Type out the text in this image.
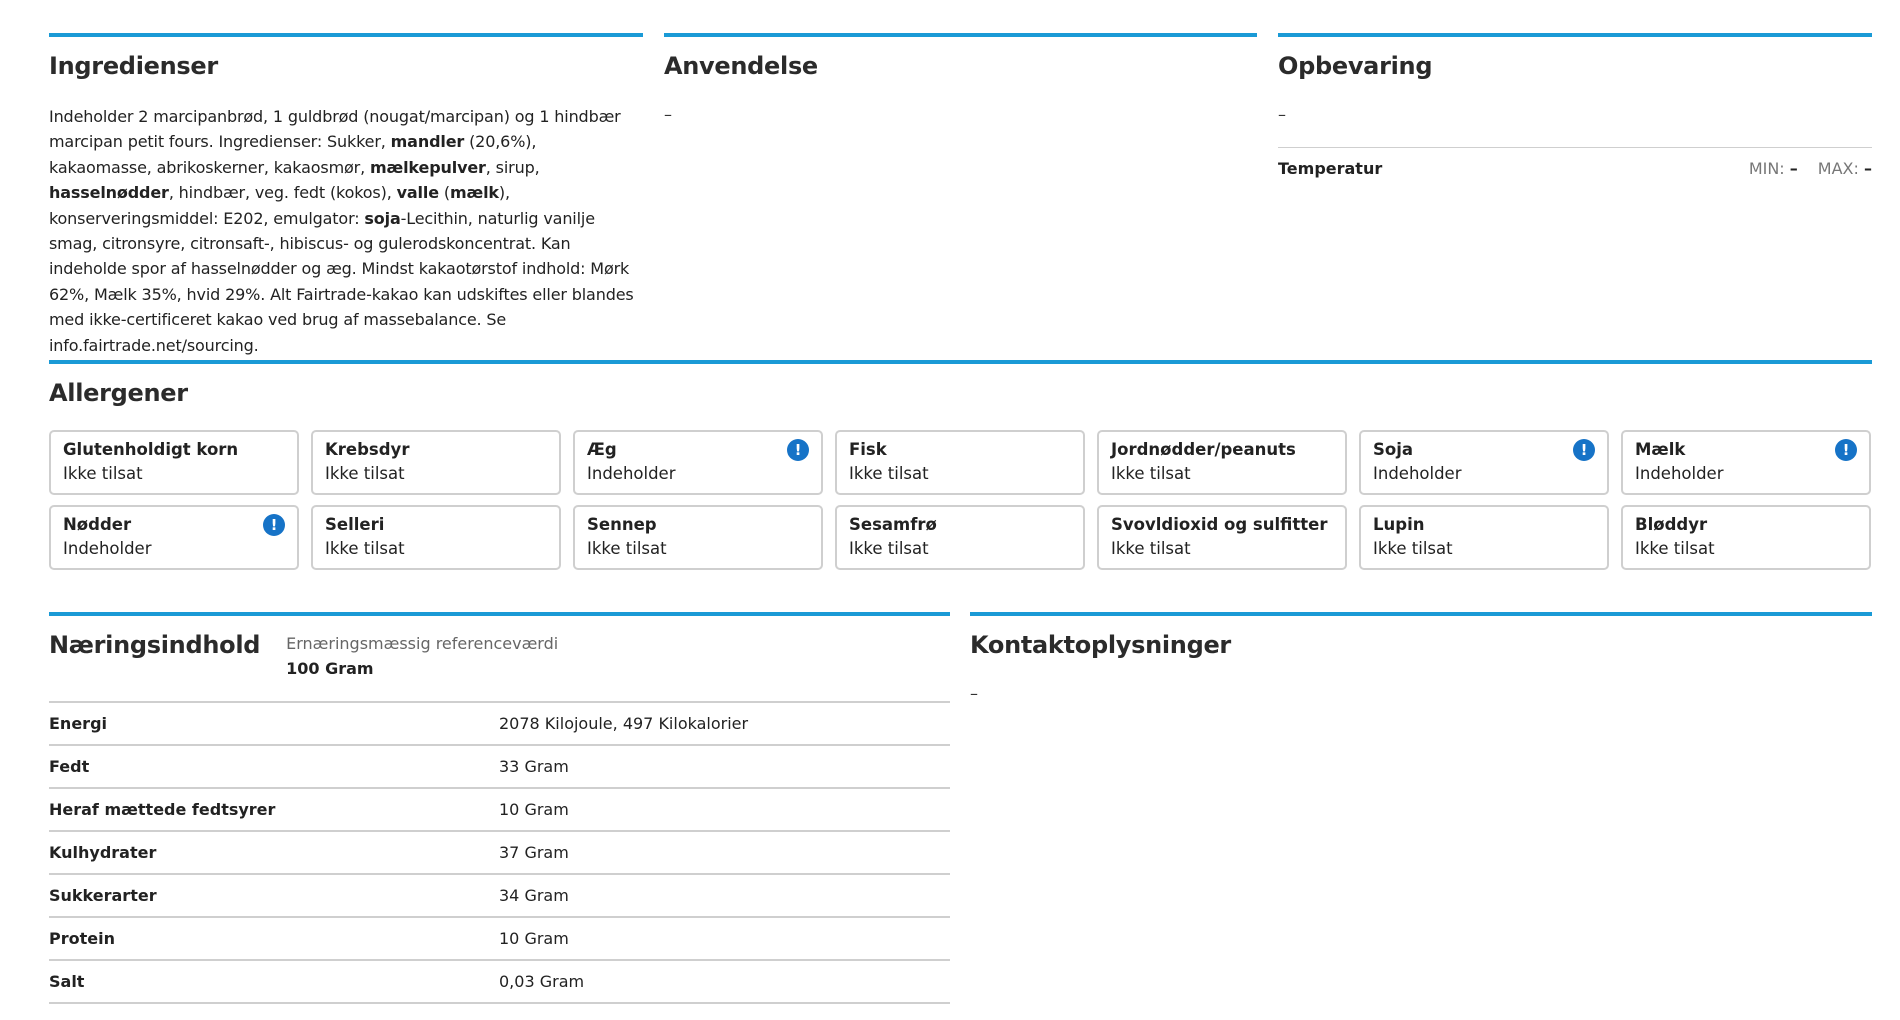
Ingredienser

Indeholder 2 marcipanbrød, 1 guldbrød (nougat/marcipan) og 1 hindbær marcipan petit fours. Ingredienser: Sukker, mandler (20,6%), kakaomasse, abrikoskerner, kakaosmør, mælkepulver, sirup, hasselnødder, hindbær, veg. fedt (kokos), valle (mælk), konserveringsmiddel: E202, emulgator: soja-Lecithin, naturlig vanilje smag, citronsyre, citronsaft-, hibiscus- og gulerodskoncentrat. Kan indeholde spor af hasselnødder og æg. Mindst kakaotørstof indhold: Mørk 62%, Mælk 35%, hvid 29%. Alt Fairtrade-kakao kan udskiftes eller blandes med ikke-certificeret kakao ved brug af massebalance. Se info.fairtrade.net/sourcing.

Anvendelse

–

Opbevaring

–

Temperatur	MIN: – MAX: –
Allergener
Glutenholdigt korn
Ikke tilsat
Krebsdyr
Ikke tilsat
Æg
Indeholder
!	Fisk
Ikke tilsat
Jordnødder/peanuts
Ikke tilsat
Soja
Indeholder
!	Mælk
Indeholder
!
Nødder
Indeholder
!	Selleri
Ikke tilsat
Sennep
Ikke tilsat
Sesamfrø
Ikke tilsat
Svovldioxid og sulfitter
Ikke tilsat
Lupin
Ikke tilsat
Bløddyr
Ikke tilsat
Næringsindhold Ernæringsmæssig referenceværdi
100 Gram
Energi	2078 Kilojoule, 497 Kilokalorier
Fedt	33 Gram
Heraf mættede fedtsyrer	10 Gram
Kulhydrater	37 Gram
Sukkerarter	34 Gram
Protein	10 Gram
Salt	0,03 Gram
Kontaktoplysninger

–
